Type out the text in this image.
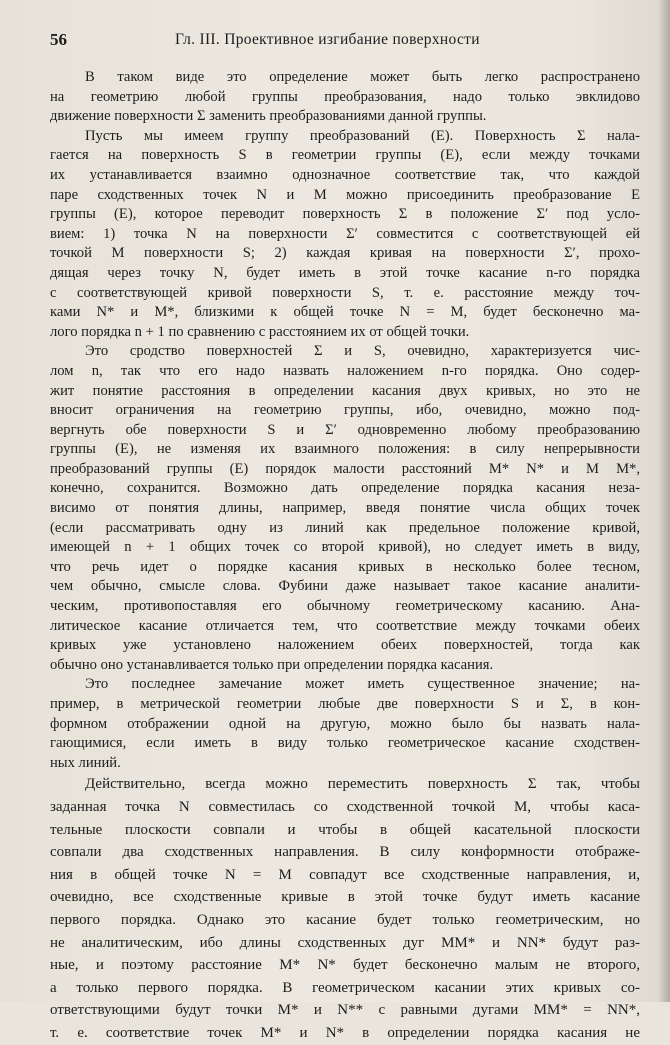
56	Гл. III. Проективное изгибание поверхности
В таком виде это определение может быть легко распространено
на геометрию любой группы преобразования, надо только эвклидово
движение поверхности Σ заменить преобразованиями данной группы.
Пусть мы имеем группу преобразований (E). Поверхность Σ нала-
гается на поверхность S в геометрии группы (E), если между точками
их устанавливается взаимно однозначное соответствие так, что каждой
паре сходственных точек N и M можно присоединить преобразование E
группы (E), которое переводит поверхность Σ в положение Σ′ под усло-
вием: 1) точка N на поверхности Σ′ совместится с соответствующей ей
точкой M поверхности S; 2) каждая кривая на поверхности Σ′, прохо-
дящая через точку N, будет иметь в этой точке касание n-го порядка
с соответствующей кривой поверхности S, т. е. расстояние между точ-
ками N* и M*, близкими к общей точке N = M, будет бесконечно ма-
лого порядка n + 1 по сравнению с расстоянием их от общей точки.
Это сродство поверхностей Σ и S, очевидно, характеризуется чис-
лом n, так что его надо назвать наложением n-го порядка. Оно содер-
жит понятие расстояния в определении касания двух кривых, но это не
вносит ограничения на геометрию группы, ибо, очевидно, можно под-
вергнуть обе поверхности S и Σ′ одновременно любому преобразованию
группы (E), не изменяя их взаимного положения: в силу непрерывности
преобразований группы (E) порядок малости расстояний M* N* и M M*,
конечно, сохранится. Возможно дать определение порядка касания неза-
висимо от понятия длины, например, введя понятие числа общих точек
(если рассматривать одну из линий как предельное положение кривой,
имеющей n + 1 общих точек со второй кривой), но следует иметь в виду,
что речь идет о порядке касания кривых в несколько более тесном,
чем обычно, смысле слова. Фубини даже называет такое касание аналити-
ческим, противопоставляя его обычному геометрическому касанию. Ана-
литическое касание отличается тем, что соответствие между точками обеих
кривых уже установлено наложением обеих поверхностей, тогда как
обычно оно устанавливается только при определении порядка касания.
Это последнее замечание может иметь существенное значение; на-
пример, в метрической геометрии любые две поверхности S и Σ, в кон-
формном отображении одной на другую, можно было бы назвать нала-
гающимися, если иметь в виду только геометрическое касание сходствен-
ных линий.
Действительно, всегда можно переместить поверхность Σ так, чтобы
заданная точка N совместилась со сходственной точкой M, чтобы каса-
тельные плоскости совпали и чтобы в общей касательной плоскости
совпали два сходственных направления. В силу конформности отображе-
ния в общей точке N = M совпадут все сходственные направления, и,
очевидно, все сходственные кривые в этой точке будут иметь касание
первого порядка. Однако это касание будет только геометрическим, но
не аналитическим, ибо длины сходственных дуг MM* и NN* будут раз-
ные, и поэтому расстояние M* N* будет бесконечно малым не второго,
а только первого порядка. В геометрическом касании этих кривых со-
ответствующими будут точки M* и N** с равными дугами MM* = NN*,
т. е. соответствие точек M* и N* в определении порядка касания не
